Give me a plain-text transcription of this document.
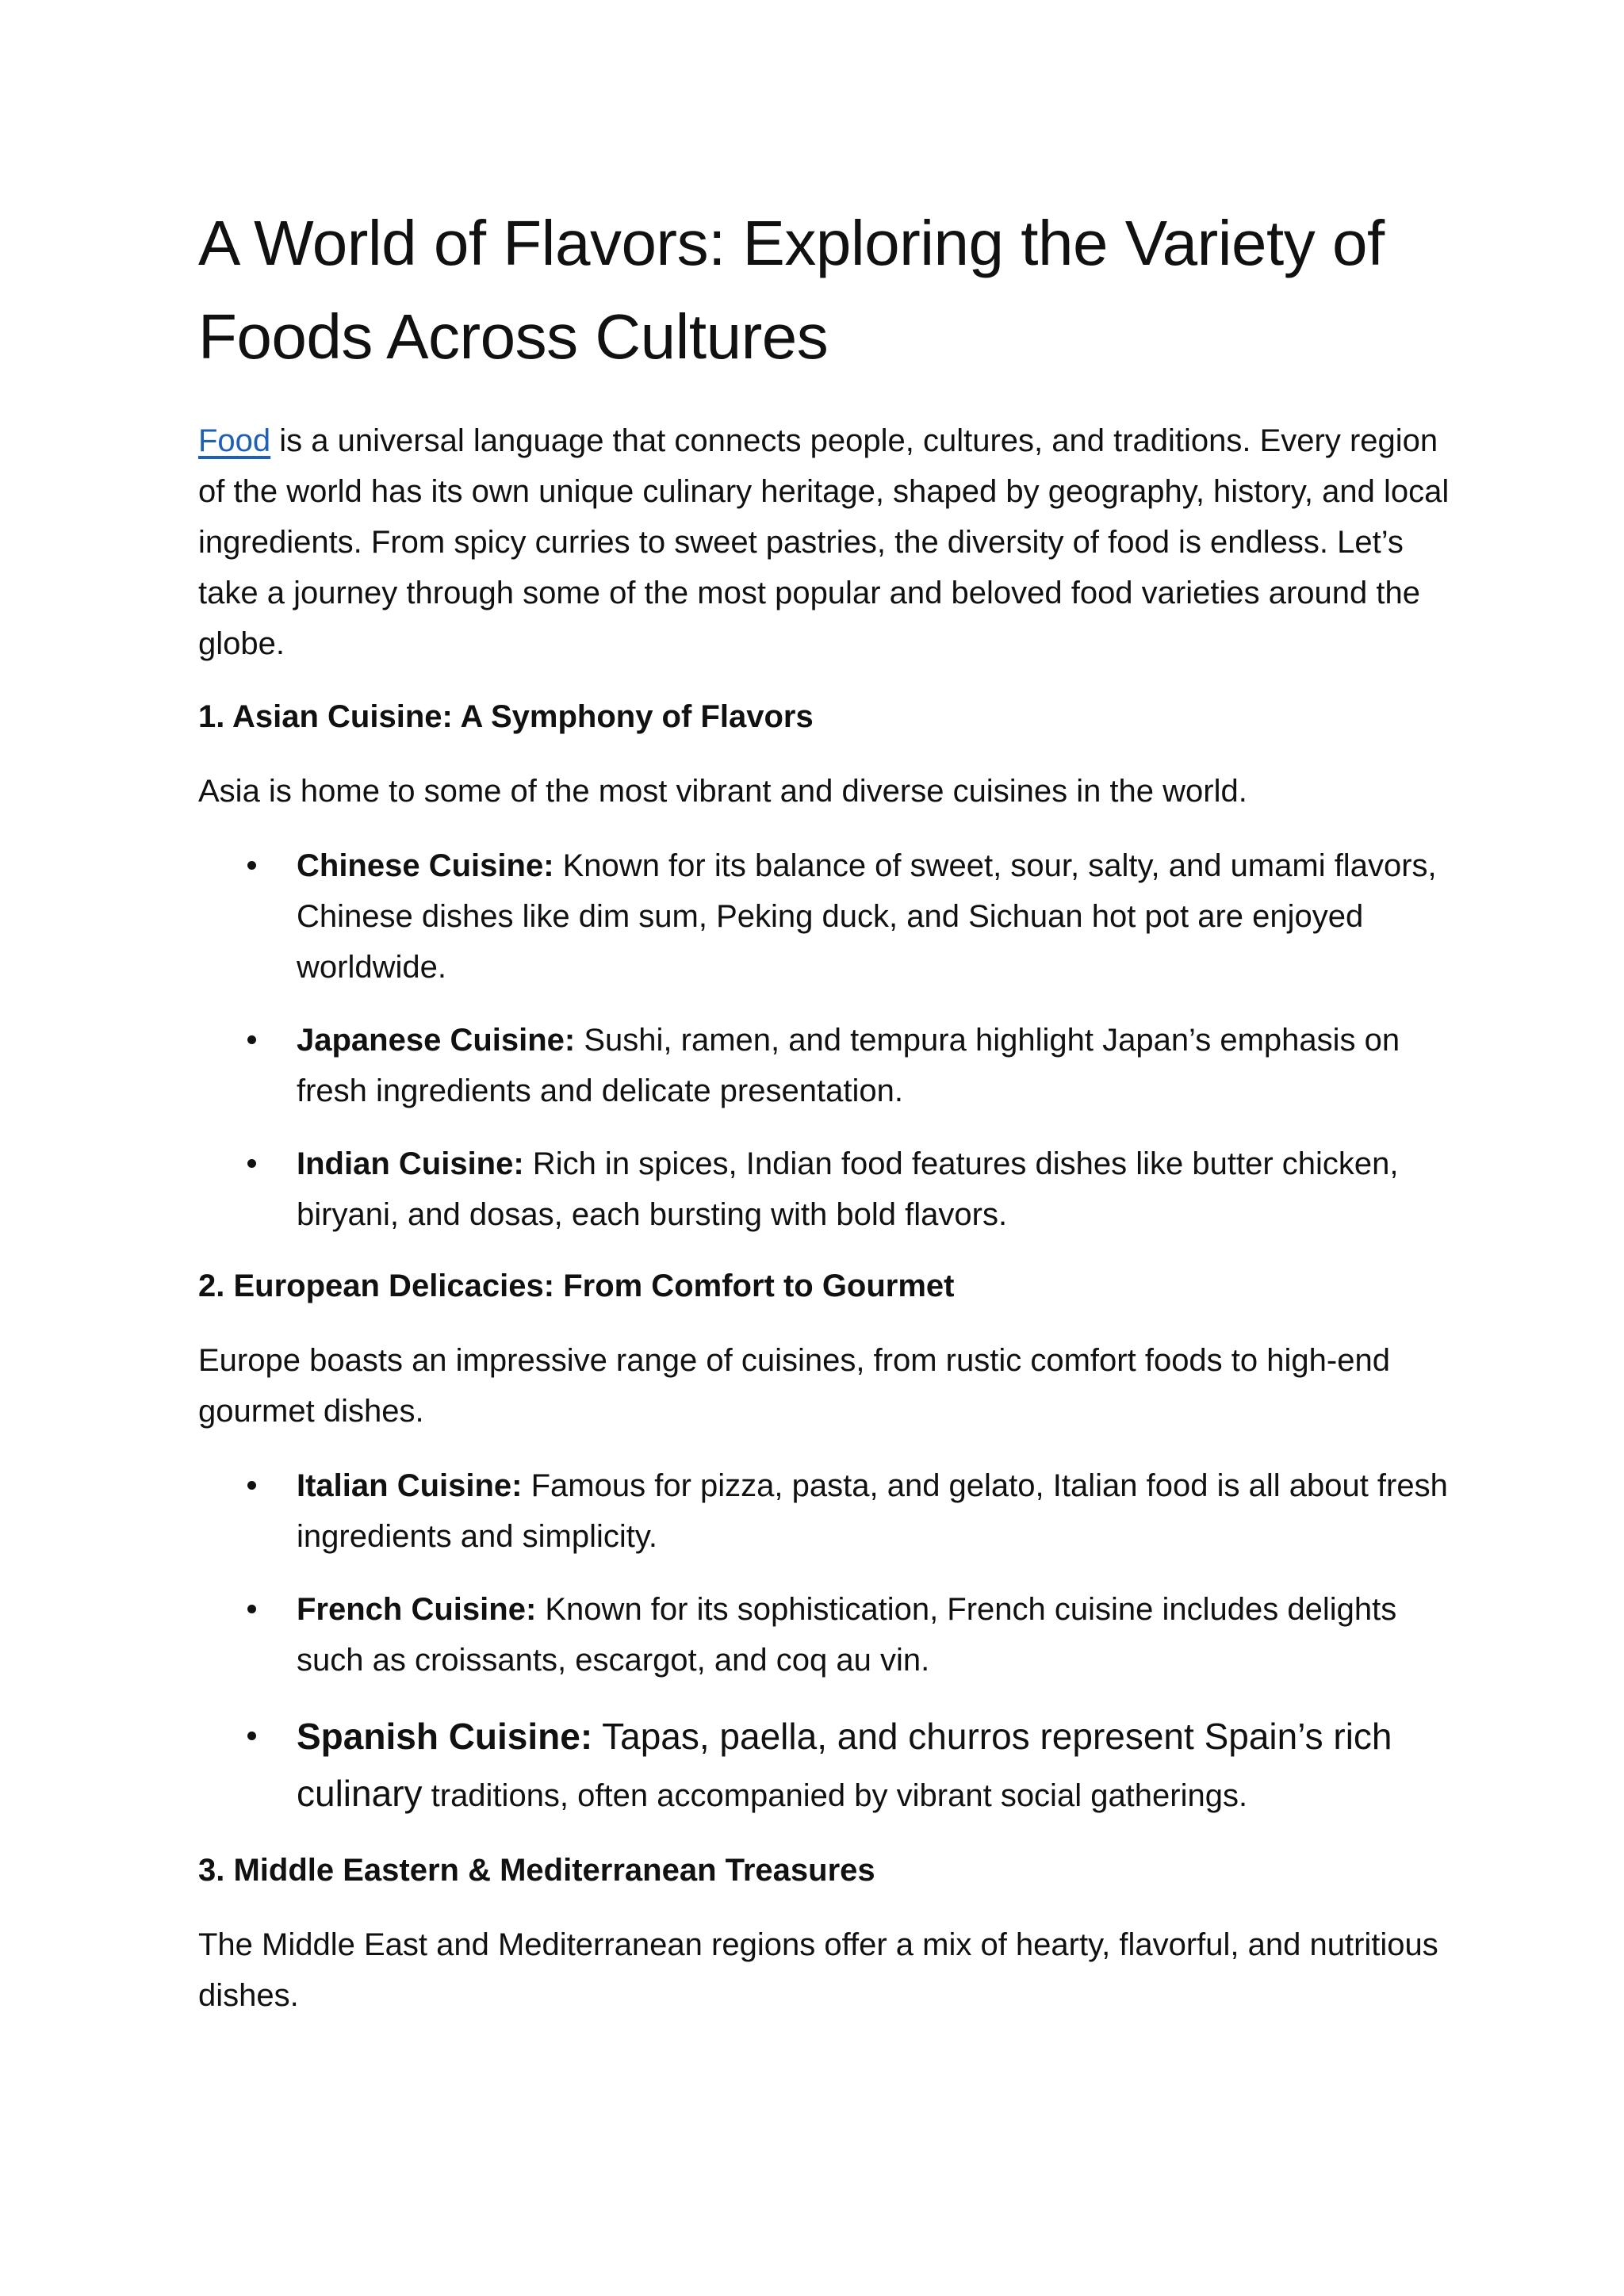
A World of Flavors: Exploring the Variety of Foods Across Cultures

Food is a universal language that connects people, cultures, and traditions. Every region of the world has its own unique culinary heritage, shaped by geography, history, and local ingredients. From spicy curries to sweet pastries, the diversity of food is endless. Let’s take a journey through some of the most popular and beloved food varieties around the globe.

1. Asian Cuisine: A Symphony of Flavors

Asia is home to some of the most vibrant and diverse cuisines in the world.

Chinese Cuisine: Known for its balance of sweet, sour, salty, and umami flavors, Chinese dishes like dim sum, Peking duck, and Sichuan hot pot are enjoyed worldwide.
Japanese Cuisine: Sushi, ramen, and tempura highlight Japan’s emphasis on fresh ingredients and delicate presentation.
Indian Cuisine: Rich in spices, Indian food features dishes like butter chicken, biryani, and dosas, each bursting with bold flavors.
2. European Delicacies: From Comfort to Gourmet

Europe boasts an impressive range of cuisines, from rustic comfort foods to high-end gourmet dishes.

Italian Cuisine: Famous for pizza, pasta, and gelato, Italian food is all about fresh ingredients and simplicity.
French Cuisine: Known for its sophistication, French cuisine includes delights such as croissants, escargot, and coq au vin.
Spanish Cuisine: Tapas, paella, and churros represent Spain’s rich culinary traditions, often accompanied by vibrant social gatherings.
3. Middle Eastern & Mediterranean Treasures

The Middle East and Mediterranean regions offer a mix of hearty, flavorful, and nutritious dishes.
